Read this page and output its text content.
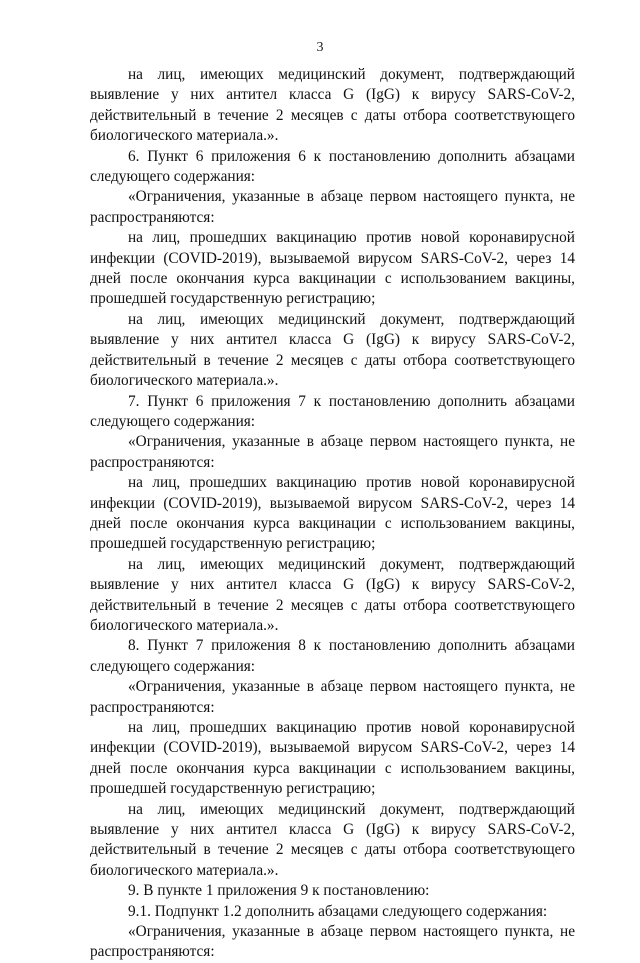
3

на лиц, имеющих медицинский документ, подтверждающий выявление у них антител класса G (IgG) к вирусу SARS-CoV-2, действительный в течение 2 месяцев с даты отбора соответствующего биологического материала.».

6. Пункт 6 приложения 6 к постановлению дополнить абзацами следующего содержания:

«Ограничения, указанные в абзаце первом настоящего пункта, не распространяются:

на лиц, прошедших вакцинацию против новой коронавирусной инфекции (COVID-2019), вызываемой вирусом SARS-CoV-2, через 14 дней после окончания курса вакцинации с использованием вакцины, прошедшей государственную регистрацию;

на лиц, имеющих медицинский документ, подтверждающий выявление у них антител класса G (IgG) к вирусу SARS-CoV-2, действительный в течение 2 месяцев с даты отбора соответствующего биологического материала.».

7. Пункт 6 приложения 7 к постановлению дополнить абзацами следующего содержания:

«Ограничения, указанные в абзаце первом настоящего пункта, не распространяются:

на лиц, прошедших вакцинацию против новой коронавирусной инфекции (COVID-2019), вызываемой вирусом SARS-CoV-2, через 14 дней после окончания курса вакцинации с использованием вакцины, прошедшей государственную регистрацию;

на лиц, имеющих медицинский документ, подтверждающий выявление у них антител класса G (IgG) к вирусу SARS-CoV-2, действительный в течение 2 месяцев с даты отбора соответствующего биологического материала.».

8. Пункт 7 приложения 8 к постановлению дополнить абзацами следующего содержания:

«Ограничения, указанные в абзаце первом настоящего пункта, не распространяются:

на лиц, прошедших вакцинацию против новой коронавирусной инфекции (COVID-2019), вызываемой вирусом SARS-CoV-2, через 14 дней после окончания курса вакцинации с использованием вакцины, прошедшей государственную регистрацию;

на лиц, имеющих медицинский документ, подтверждающий выявление у них антител класса G (IgG) к вирусу SARS-CoV-2, действительный в течение 2 месяцев с даты отбора соответствующего биологического материала.».

9. В пункте 1 приложения 9 к постановлению:

9.1. Подпункт 1.2 дополнить абзацами следующего содержания:

«Ограничения, указанные в абзаце первом настоящего пункта, не распространяются:
